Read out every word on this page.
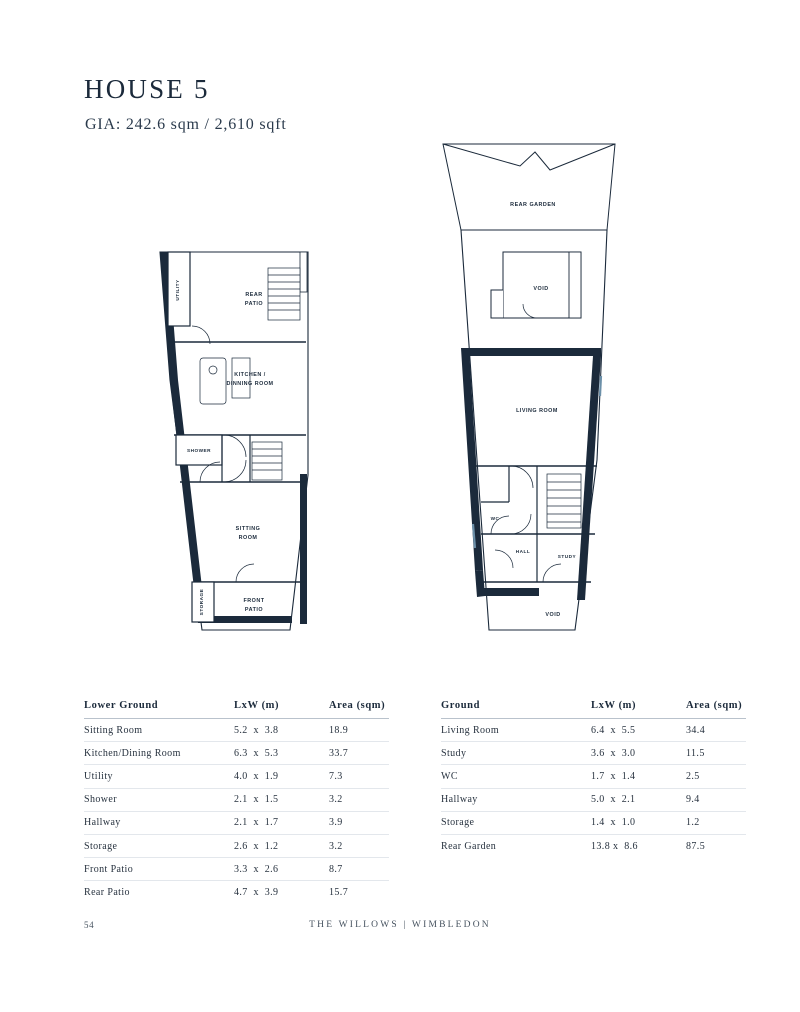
HOUSE 5
GIA: 242.6 sqm / 2,610 sqft
REAR
PATIO
KITCHEN /
DINNING ROOM
UTILITY
SHOWER
SITTING
ROOM
STORAGE	FRONT
PATIO
REAR GARDEN
VOID
LIVING ROOM
WC
HALL
STUDY
VOID
Lower Ground	LxW (m)	Area (sqm)
Sitting Room	5.2  x  3.8	18.9
Kitchen/Dining Room	6.3  x  5.3	33.7
Utility	4.0  x  1.9	7.3
Shower	2.1  x  1.5	3.2
Hallway	2.1  x  1.7	3.9
Storage	2.6  x  1.2	3.2
Front Patio	3.3  x  2.6	8.7
Rear Patio	4.7  x  3.9	15.7
Ground	LxW (m)	Area (sqm)
Living Room	6.4  x  5.5	34.4
Study	3.6  x  3.0	11.5
WC	1.7  x  1.4	2.5
Hallway	5.0  x  2.1	9.4
Storage	1.4  x  1.0	1.2
Rear Garden	13.8 x  8.6	87.5
54	THE WILLOWS | WIMBLEDON
